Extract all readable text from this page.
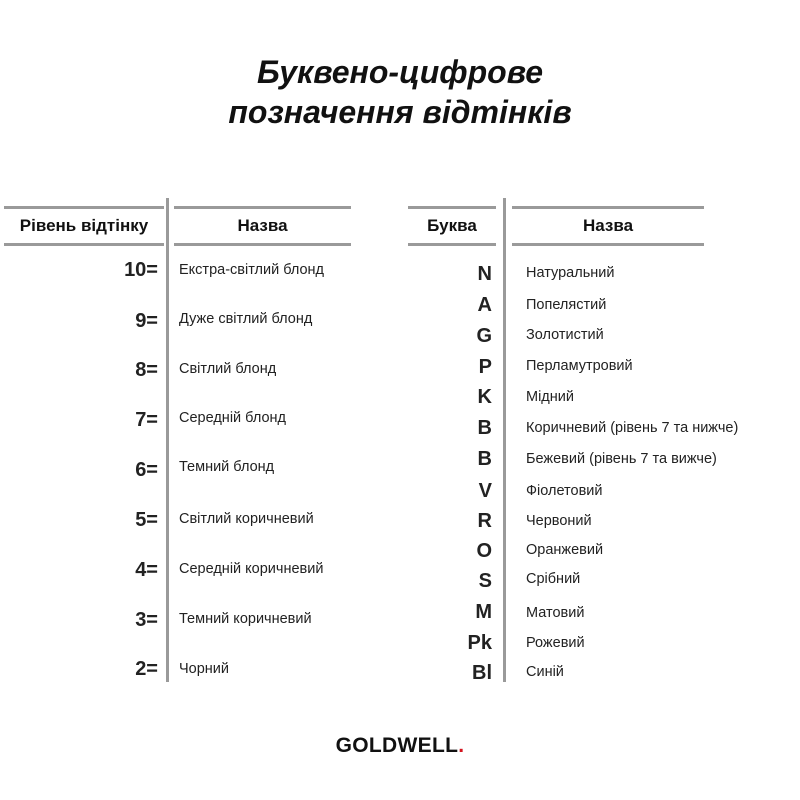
Буквено-цифрове
позначення відтінків
Рівень відтінку	Назва	Буква	Назва
10= Екстра-світлий блонд
9= Дуже світлий блонд
8= Світлий блонд
7= Середній блонд
6= Темний блонд
5= Світлий коричневий
4= Середній коричневий
3= Темний коричневий
2= Чорний
N Натуральний
A Попелястий
G Золотистий
P Перламутровий
K Мідний
B Коричневий (рівень 7 та нижче)
B Бежевий (рівень 7 та вижче)
V Фіолетовий
R Червоний
O Оранжевий
S Срібний
M Матовий
Pk Рожевий
Bl Синій
GOLDWELL.
